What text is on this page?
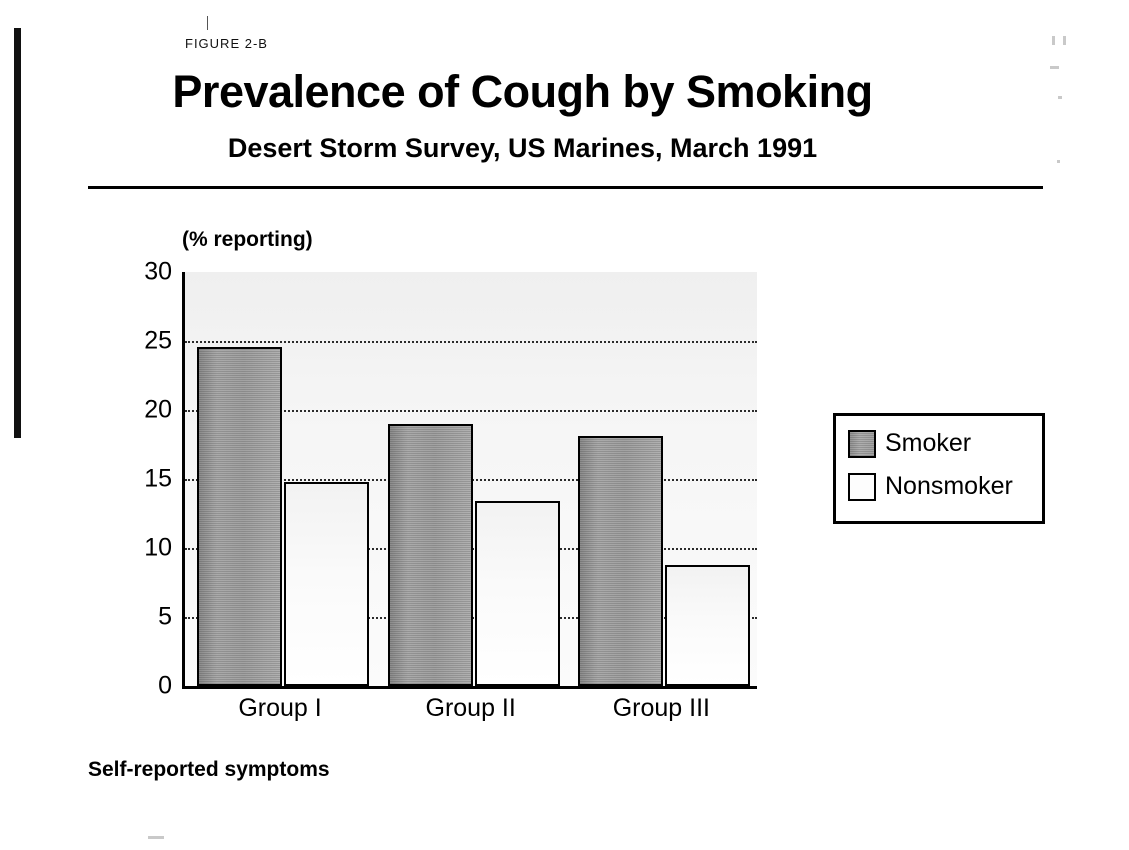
FIGURE 2-B
Prevalence of Cough by Smoking
Desert Storm Survey, US Marines, March 1991
(% reporting)
0
5
10
15
20
25
30
Group I	Group II	Group III
Smoker
Nonsmoker
Self-reported symptoms
